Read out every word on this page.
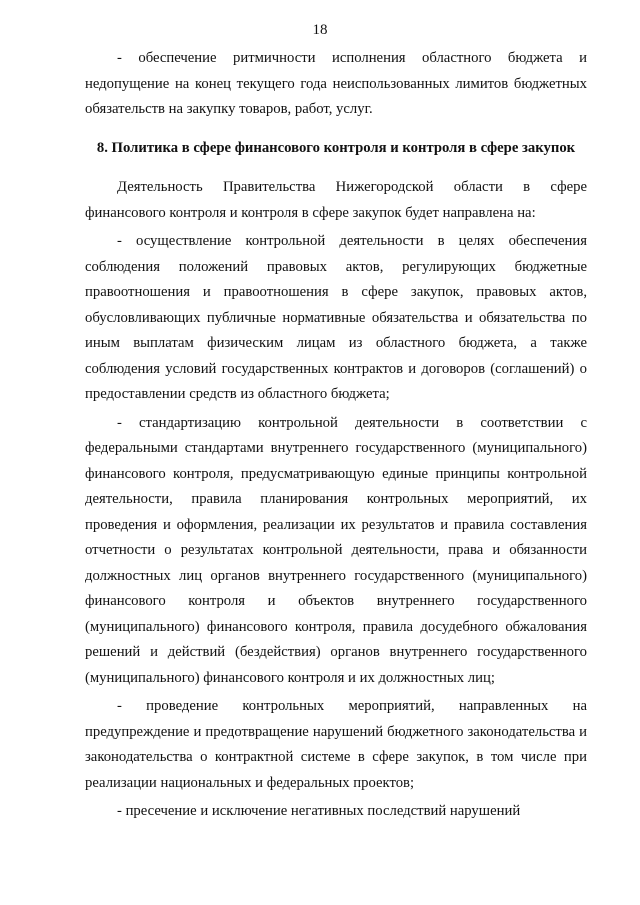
18

- обеспечение ритмичности исполнения областного бюджета и недопущение на конец текущего года неиспользованных лимитов бюджетных обязательств на закупку товаров, работ, услуг.

8. Политика в сфере финансового контроля и контроля в сфере закупок

Деятельность Правительства Нижегородской области в сфере финансового контроля и контроля в сфере закупок будет направлена на:

- осуществление контрольной деятельности в целях обеспечения соблюдения положений правовых актов, регулирующих бюджетные правоотношения и правоотношения в сфере закупок, правовых актов, обусловливающих публичные нормативные обязательства и обязательства по иным выплатам физическим лицам из областного бюджета, а также соблюдения условий государственных контрактов и договоров (соглашений) о предоставлении средств из областного бюджета;

- стандартизацию контрольной деятельности в соответствии с федеральными стандартами внутреннего государственного (муниципального) финансового контроля, предусматривающую единые принципы контрольной деятельности, правила планирования контрольных мероприятий, их проведения и оформления, реализации их результатов и правила составления отчетности о результатах контрольной деятельности, права и обязанности должностных лиц органов внутреннего государственного (муниципального) финансового контроля и объектов внутреннего государственного (муниципального) финансового контроля, правила досудебного обжалования решений и действий (бездействия) органов внутреннего государственного (муниципального) финансового контроля и их должностных лиц;

- проведение контрольных мероприятий, направленных на предупреждение и предотвращение нарушений бюджетного законодательства и законодательства о контрактной системе в сфере закупок, в том числе при реализации национальных и федеральных проектов;

- пресечение и исключение негативных последствий нарушений
